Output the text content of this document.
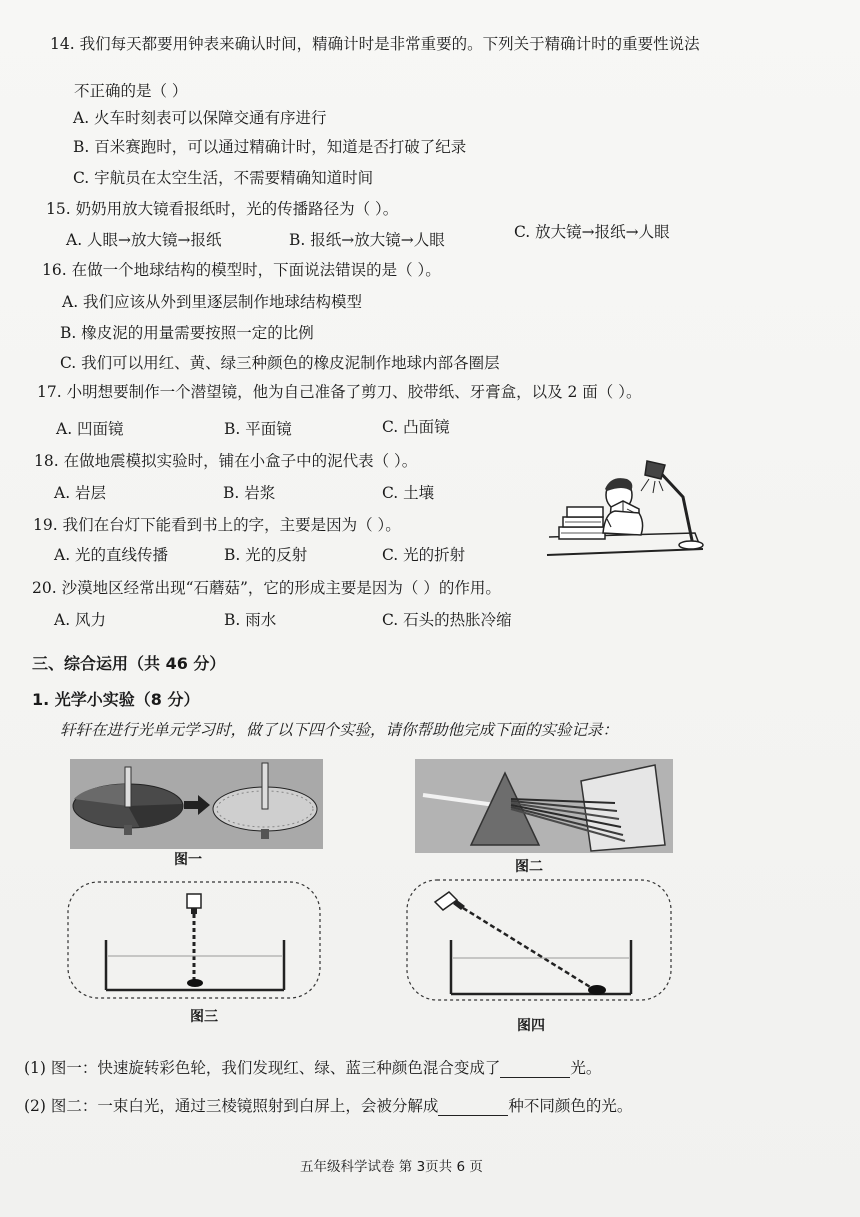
14. 我们每天都要用钟表来确认时间，精确计时是非常重要的。下列关于精确计时的重要性说法
不正确的是（ ）
A. 火车时刻表可以保障交通有序进行
B. 百米赛跑时，可以通过精确计时，知道是否打破了纪录
C. 宇航员在太空生活，不需要精确知道时间
15. 奶奶用放大镜看报纸时，光的传播路径为（ ）。
A. 人眼→放大镜→报纸	B. 报纸→放大镜→人眼	C. 放大镜→报纸→人眼
16. 在做一个地球结构的模型时，下面说法错误的是（ ）。
A. 我们应该从外到里逐层制作地球结构模型
B. 橡皮泥的用量需要按照一定的比例
C. 我们可以用红、黄、绿三种颜色的橡皮泥制作地球内部各圈层
17. 小明想要制作一个潜望镜，他为自己准备了剪刀、胶带纸、牙膏盒，以及 2 面（ ）。
A. 凹面镜	B. 平面镜	C. 凸面镜
18. 在做地震模拟实验时，铺在小盒子中的泥代表（ ）。
A. 岩层	B. 岩浆	C. 土壤
19. 我们在台灯下能看到书上的字，主要是因为（ ）。
A. 光的直线传播	B. 光的反射	C. 光的折射
20. 沙漠地区经常出现“石蘑菇”，它的形成主要是因为（ ）的作用。
A. 风力	B. 雨水	C. 石头的热胀冷缩
三、综合运用（共 46 分）
1. 光学小实验（8 分）
轩轩在进行光单元学习时，做了以下四个实验，请你帮助他完成下面的实验记录：
图一	图二
图三
图四
(1) 图一：快速旋转彩色轮，我们发现红、绿、蓝三种颜色混合变成了	光。
(2) 图二：一束白光，通过三棱镜照射到白屏上，会被分解成	种不同颜色的光。
五年级科学试卷 第 3页共 6 页
